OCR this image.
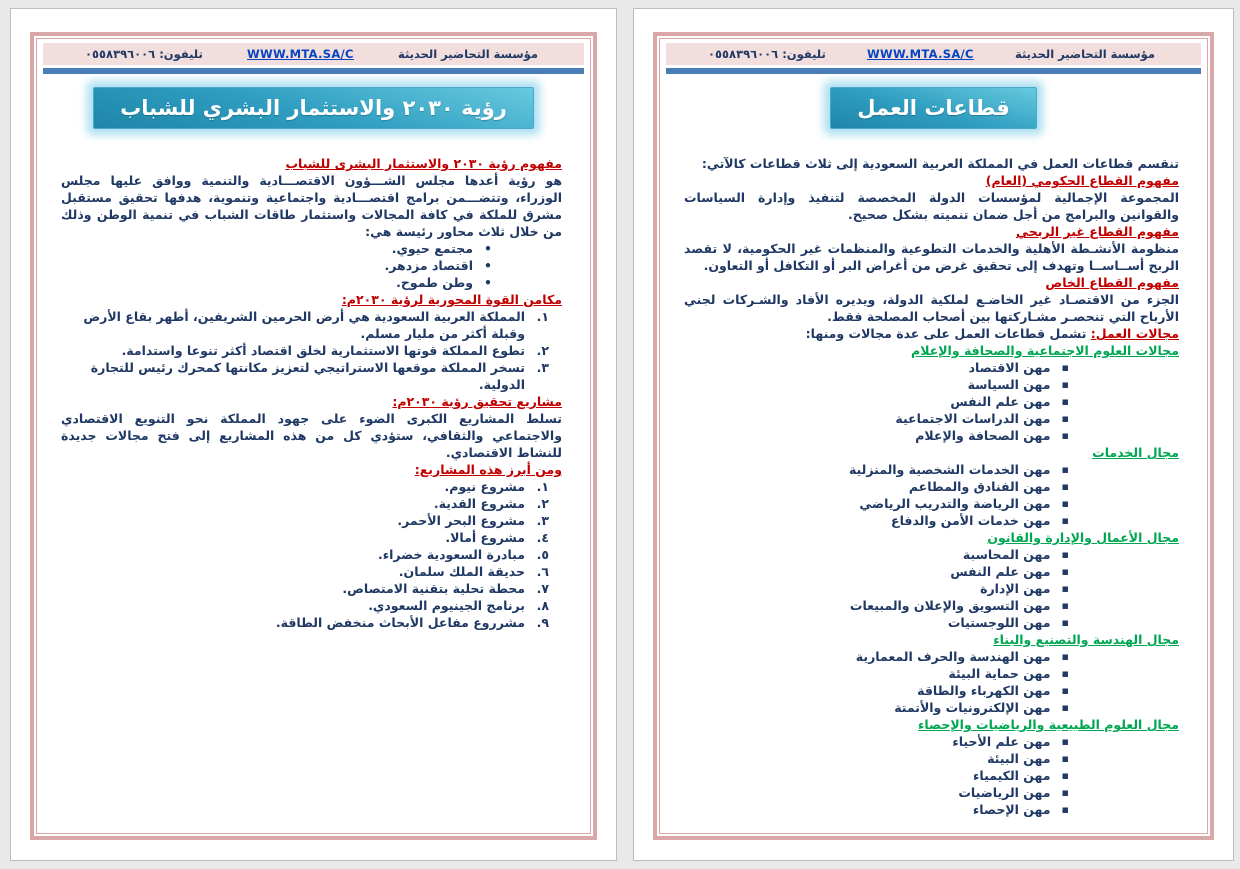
مؤسسة التحاضير الحديثة
WWW.MTA.SA/C
تليفون: ٠٥٥٨٣٩٦٠٠٦
رؤية ٢٠٣٠ والاستثمار البشري للشباب
مفهوم رؤية ٢٠٣٠ والاستثمار البشرى للشباب

هو رؤية أعدها مجلس الشـــؤون الاقتصـــادية والتنمية ووافق عليها مجلس الوزراء، وتتضـــمن برامج اقتصـــادية واجتماعية وتنموية، هدفها تحقيق مستقبل مشرق للملكة في كافة المجالات واستثمار طاقات الشباب في تنمية الوطن وذلك من خلال ثلاث محاور رئيسة هي:

• مجتمع حيوي.
• اقتصاد مزدهر.
• وطن طموح.
مكامن القوة المحورية لرؤية ٢٠٣٠م:
١.
المملكة العربية السعودية هي أرض الحرمين الشريفين، أطهر بقاع الأرض وقبلة أكثر من مليار مسلم.
٢.
تطوع المملكة قوتها الاستثمارية لخلق اقتصاد أكثر تنوعا واستدامة.
٣.
تسخر المملكة موقعها الاستراتيجي لتعزيز مكانتها كمحرك رئيس للتجارة الدولية.
مشاريع تحقيق رؤية ٢٠٣٠م:

تسلط المشاريع الكبرى الضوء على جهود المملكة نحو التنويع الاقتصادي والاجتماعي والثقافي، ستؤدي كل من هذه المشاريع إلى فتح مجالات جديدة للنشاط الاقتصادي.

ومن أبرز هذه المشاريع:
١.
مشروع نيوم.
٢.
مشروع القدية.
٣.
مشروع البحر الأحمر.
٤.
مشروع أمالا.
٥.
مبادرة السعودية خضراء.
٦.
حديقة الملك سلمان.
٧.
محطة تحلية بتقنية الامتصاص.
٨.
برنامج الجينيوم السعودي.
٩.
مشرروع مفاعل الأبحاث منخفض الطاقة.
مؤسسة التحاضير الحديثة
WWW.MTA.SA/C
تليفون: ٠٥٥٨٣٩٦٠٠٦
قطاعات العمل

تنقسم قطاعات العمل في المملكة العربية السعودية إلى ثلاث قطاعات كالآتي:

مفهوم القطاع الحكومي (العام)

المجموعة الإجمالية لمؤسسات الدولة المخصصة لتنفيذ وإدارة السياسات والقوانين والبرامج من أجل ضمان تنميته بشكل صحيح.

مفهوم القطاع غير الربحي

منظومة الأنشـطة الأهلية والخدمات التطوعية والمنظمات غير الحكومية، لا تقصد الربح أســاســا وتهدف إلى تحقيق غرض من أغراض البر أو التكافل أو التعاون.

مفهوم القطاع الخاص

الجزء من الاقتصـاد غير الخاضـع لملكية الدولة، ويديره الأفاد والشـركات لجني الأرباح التي تنحصـر مشـاركتها بين أصحاب المصلحة فقط.

مجالات العمل: تشمل قطاعات العمل على عدة مجالات ومنها:

مجالات العلوم الاجتماعية والصحافة والإعلام
▪ مهن الاقتصاد
▪ مهن السياسة
▪ مهن علم النفس
▪ مهن الدراسات الاجتماعية
▪ مهن الصحافة والإعلام
مجال الخدمات
▪ مهن الخدمات الشخصية والمنزلية
▪ مهن الفنادق والمطاعم
▪ مهن الرياضة والتدريب الرياضي
▪ مهن خدمات الأمن والدفاع
مجال الأعمال والإدارة والقانون
▪ مهن المحاسبة
▪ مهن علم النفس
▪ مهن الإدارة
▪ مهن التسويق والإعلان والمبيعات
▪ مهن اللوجستيات
مجال الهندسة والتصنيع والبناء
▪ مهن الهندسة والحرف المعمارية
▪ مهن حماية البيئة
▪ مهن الكهرباء والطاقة
▪ مهن الإلكترونيات والأتمتة
مجال العلوم الطبيعية والرياضيات والإحصاء
▪ مهن علم الأحياء
▪ مهن البيئة
▪ مهن الكيمياء
▪ مهن الرياضيات
▪ مهن الإحصاء
